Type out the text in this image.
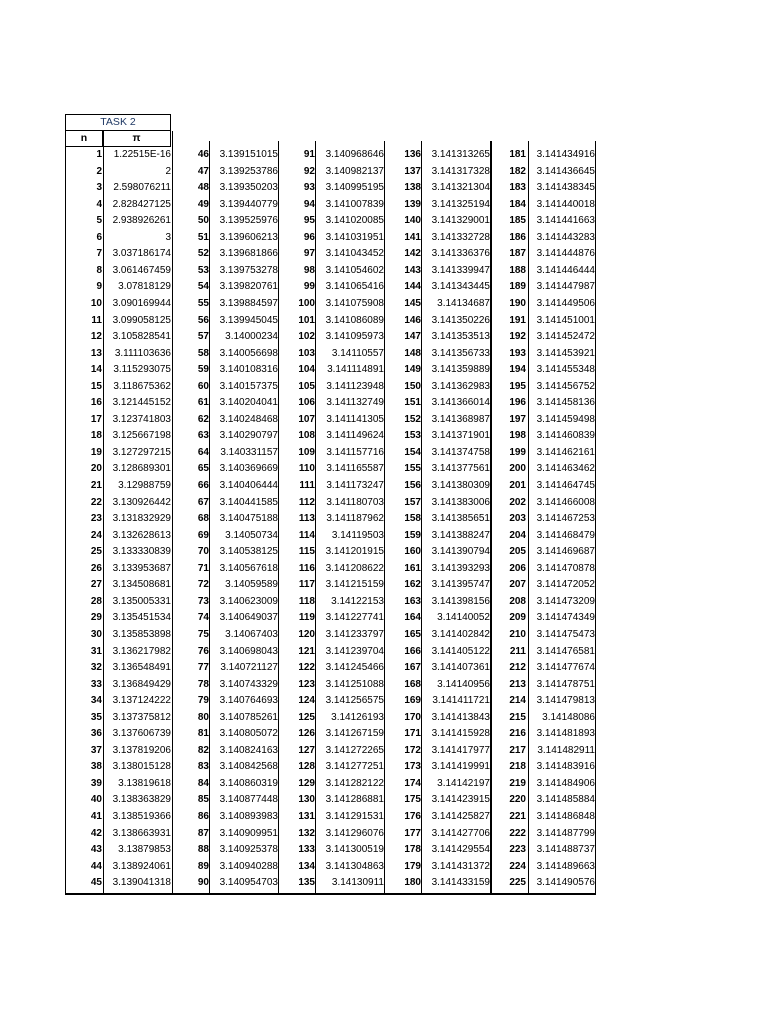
TASK 2
n	π
1	1.22515E-16
2	2
3	2.598076211
4	2.828427125
5	2.938926261
6	3
7	3.037186174
8	3.061467459
9	3.07818129
10	3.090169944
11	3.099058125
12	3.105828541
13	3.111103636
14	3.115293075
15	3.118675362
16	3.121445152
17	3.123741803
18	3.125667198
19	3.127297215
20	3.128689301
21	3.12988759
22	3.130926442
23	3.131832929
24	3.132628613
25	3.133330839
26	3.133953687
27	3.134508681
28	3.135005331
29	3.135451534
30	3.135853898
31	3.136217982
32	3.136548491
33	3.136849429
34	3.137124222
35	3.137375812
36	3.137606739
37	3.137819206
38	3.138015128
39	3.13819618
40	3.138363829
41	3.138519366
42	3.138663931
43	3.13879853
44	3.138924061
45	3.139041318
46	3.139151015
47	3.139253786
48	3.139350203
49	3.139440779
50	3.139525976
51	3.139606213
52	3.139681866
53	3.139753278
54	3.139820761
55	3.139884597
56	3.139945045
57	3.14000234
58	3.140056698
59	3.140108316
60	3.140157375
61	3.140204041
62	3.140248468
63	3.140290797
64	3.140331157
65	3.140369669
66	3.140406444
67	3.140441585
68	3.140475188
69	3.14050734
70	3.140538125
71	3.140567618
72	3.14059589
73	3.140623009
74	3.140649037
75	3.14067403
76	3.140698043
77	3.140721127
78	3.140743329
79	3.140764693
80	3.140785261
81	3.140805072
82	3.140824163
83	3.140842568
84	3.140860319
85	3.140877448
86	3.140893983
87	3.140909951
88	3.140925378
89	3.140940288
90	3.140954703
91	3.140968646
92	3.140982137
93	3.140995195
94	3.141007839
95	3.141020085
96	3.141031951
97	3.141043452
98	3.141054602
99	3.141065416
100	3.141075908
101	3.141086089
102	3.141095973
103	3.14110557
104	3.141114891
105	3.141123948
106	3.141132749
107	3.141141305
108	3.141149624
109	3.141157716
110	3.141165587
111	3.141173247
112	3.141180703
113	3.141187962
114	3.14119503
115	3.141201915
116	3.141208622
117	3.141215159
118	3.14122153
119	3.141227741
120	3.141233797
121	3.141239704
122	3.141245466
123	3.141251088
124	3.141256575
125	3.14126193
126	3.141267159
127	3.141272265
128	3.141277251
129	3.141282122
130	3.141286881
131	3.141291531
132	3.141296076
133	3.141300519
134	3.141304863
135	3.14130911
136	3.141313265
137	3.141317328
138	3.141321304
139	3.141325194
140	3.141329001
141	3.141332728
142	3.141336376
143	3.141339947
144	3.141343445
145	3.14134687
146	3.141350226
147	3.141353513
148	3.141356733
149	3.141359889
150	3.141362983
151	3.141366014
152	3.141368987
153	3.141371901
154	3.141374758
155	3.141377561
156	3.141380309
157	3.141383006
158	3.141385651
159	3.141388247
160	3.141390794
161	3.141393293
162	3.141395747
163	3.141398156
164	3.14140052
165	3.141402842
166	3.141405122
167	3.141407361
168	3.14140956
169	3.141411721
170	3.141413843
171	3.141415928
172	3.141417977
173	3.141419991
174	3.14142197
175	3.141423915
176	3.141425827
177	3.141427706
178	3.141429554
179	3.141431372
180	3.141433159
181	3.141434916
182	3.141436645
183	3.141438345
184	3.141440018
185	3.141441663
186	3.141443283
187	3.141444876
188	3.141446444
189	3.141447987
190	3.141449506
191	3.141451001
192	3.141452472
193	3.141453921
194	3.141455348
195	3.141456752
196	3.141458136
197	3.141459498
198	3.141460839
199	3.141462161
200	3.141463462
201	3.141464745
202	3.141466008
203	3.141467253
204	3.141468479
205	3.141469687
206	3.141470878
207	3.141472052
208	3.141473209
209	3.141474349
210	3.141475473
211	3.141476581
212	3.141477674
213	3.141478751
214	3.141479813
215	3.14148086
216	3.141481893
217	3.141482911
218	3.141483916
219	3.141484906
220	3.141485884
221	3.141486848
222	3.141487799
223	3.141488737
224	3.141489663
225	3.141490576
